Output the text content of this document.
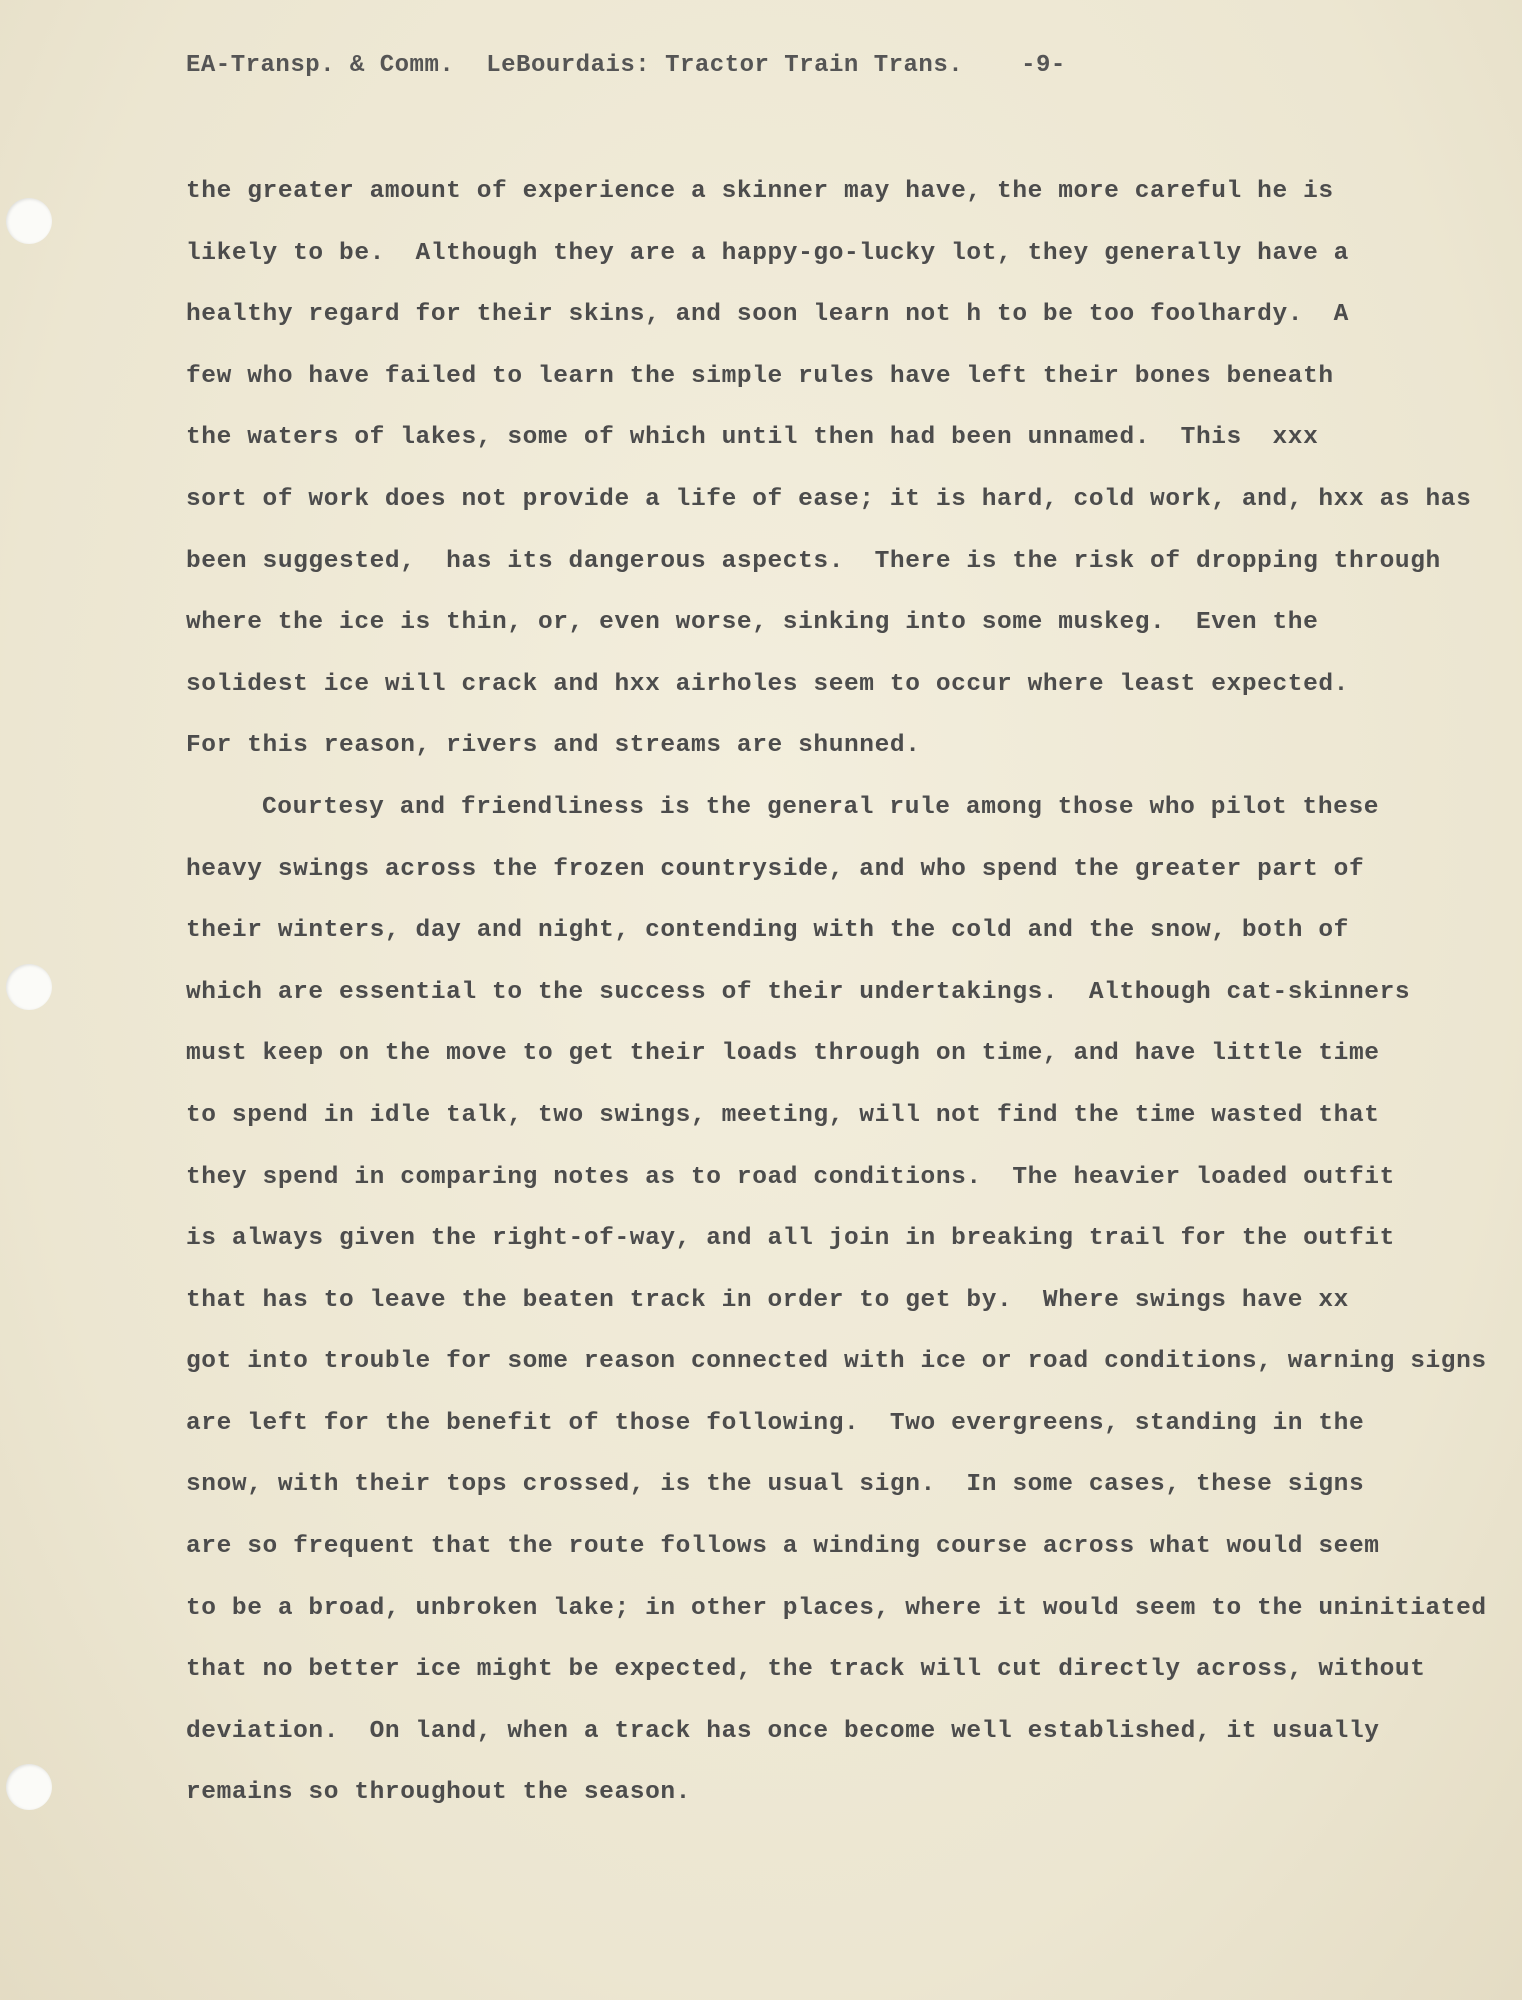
EA-Transp. & Comm. LeBourdais: Tractor Train Trans. -9-
the greater amount of experience a skinner may have, the more careful he is
likely to be.  Although they are a happy-go-lucky lot, they generally have a
healthy regard for their skins, and soon learn not h to be too foolhardy.  A
few who have failed to learn the simple rules have left their bones beneath
the waters of lakes, some of which until then had been unnamed.  This  xxx
sort of work does not provide a life of ease; it is hard, cold work, and, hxx as has
been suggested,  has its dangerous aspects.  There is the risk of dropping through
where the ice is thin, or, even worse, sinking into some muskeg.  Even the
solidest ice will crack and hxx airholes seem to occur where least expected.
For this reason, rivers and streams are shunned.
Courtesy and friendliness is the general rule among those who pilot these
heavy swings across the frozen countryside, and who spend the greater part of
their winters, day and night, contending with the cold and the snow, both of
which are essential to the success of their undertakings.  Although cat-skinners
must keep on the move to get their loads through on time, and have little time
to spend in idle talk, two swings, meeting, will not find the time wasted that
they spend in comparing notes as to road conditions.  The heavier loaded outfit
is always given the right-of-way, and all join in breaking trail for the outfit
that has to leave the beaten track in order to get by.  Where swings have xx
got into trouble for some reason connected with ice or road conditions, warning signs
are left for the benefit of those following.  Two evergreens, standing in the
snow, with their tops crossed, is the usual sign.  In some cases, these signs
are so frequent that the route follows a winding course across what would seem
to be a broad, unbroken lake; in other places, where it would seem to the uninitiated
that no better ice might be expected, the track will cut directly across, without
deviation.  On land, when a track has once become well established, it usually
remains so throughout the season.
